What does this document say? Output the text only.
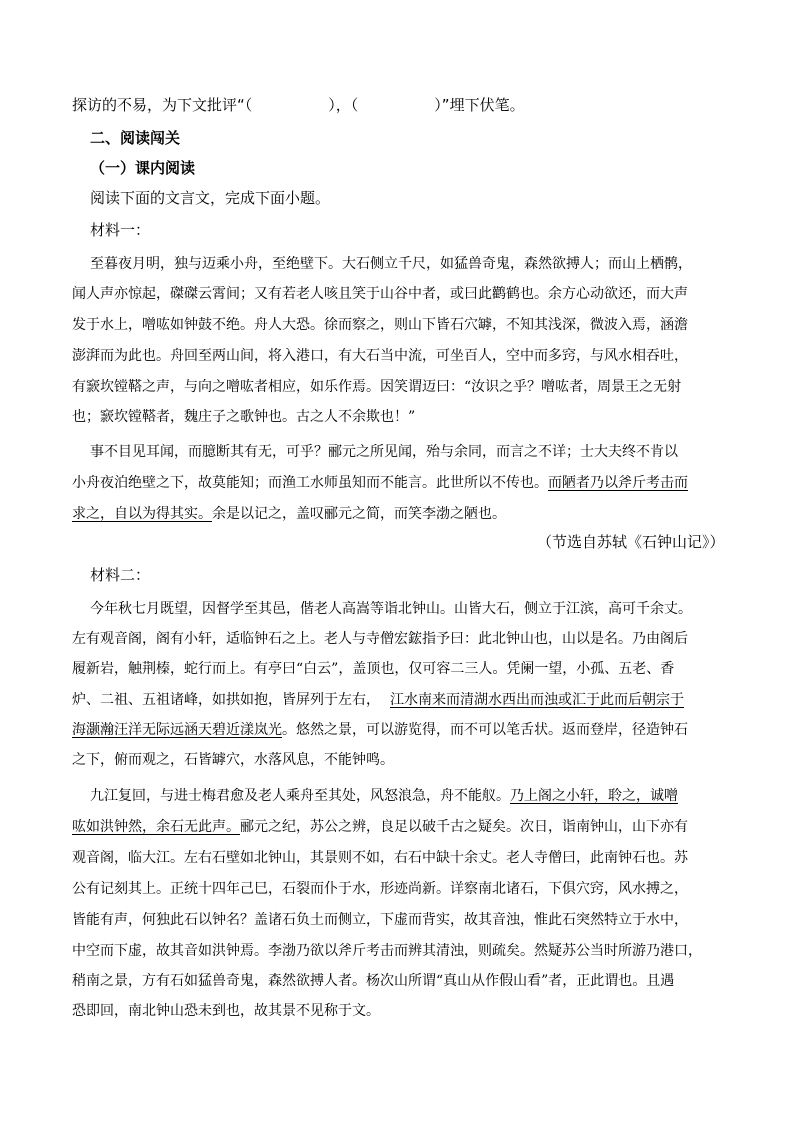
探访的不易，为下文批评“（	），（	）”埋下伏笔。
二、阅读闯关
（一）课内阅读
阅读下面的文言文，完成下面小题。
材料一：
至暮夜月明，独与迈乘小舟，至绝壁下。大石侧立千尺，如猛兽奇鬼，森然欲搏人；而山上栖鹘，
闻人声亦惊起，磔磔云霄间；又有若老人咳且笑于山谷中者，或曰此鹳鹤也。余方心动欲还，而大声
发于水上，噌吰如钟鼓不绝。舟人大恐。徐而察之，则山下皆石穴罅，不知其浅深，微波入焉，涵澹
澎湃而为此也。舟回至两山间，将入港口，有大石当中流，可坐百人，空中而多窍，与风水相吞吐，
有窾坎镗鞳之声，与向之噌吰者相应，如乐作焉。因笑谓迈曰：“汝识之乎？噌吰者，周景王之无射
也；窾坎镗鞳者，魏庄子之歌钟也。古之人不余欺也！”
事不目见耳闻，而臆断其有无，可乎？郦元之所见闻，殆与余同，而言之不详；士大夫终不肯以
小舟夜泊绝壁之下，故莫能知；而渔工水师虽知而不能言。此世所以不传也。而陋者乃以斧斤考击而
求之，自以为得其实。余是以记之，盖叹郦元之简，而笑李渤之陋也。
（节选自苏轼《石钟山记》）
材料二：
今年秋七月既望，因督学至其邑，偕老人高嵩等诣北钟山。山皆大石，侧立于江滨，高可千余丈。
左有观音阁，阁有小轩，适临钟石之上。老人与寺僧宏鋐指予曰：此北钟山也，山以是名。乃由阁后
履新岩，触荆榛，蛇行而上。有亭曰“白云”，盖顶也，仅可容二三人。凭阑一望，小孤、五老、香
炉、二祖、五祖诸峰，如拱如抱，皆屏列于左右， 江水南来而清湖水西出而浊或汇于此而后朝宗于
海灏瀚汪洋无际远涵天碧近漾岚光。悠然之景，可以游览得，而不可以笔舌状。返而登岸，径造钟石
之下，俯而观之，石皆罅穴，水落风息，不能钟鸣。
九江复回，与进士梅君愈及老人乘舟至其处，风怒浪急，舟不能舣。乃上阁之小轩，聆之，诚噌
吰如洪钟然，余石无此声。郦元之纪，苏公之辨，良足以破千古之疑矣。次日，诣南钟山，山下亦有
观音阁，临大江。左右石壁如北钟山，其景则不如，右石中缺十余丈。老人寺僧曰，此南钟石也。苏
公有记刻其上。正统十四年己巳，石裂而仆于水，形迹尚新。详察南北诸石，下俱穴窍，风水搏之，
皆能有声，何独此石以钟名？盖诸石负土而侧立，下虚而背实，故其音浊，惟此石突然特立于水中，
中空而下虚，故其音如洪钟焉。李渤乃欲以斧斤考击而辨其清浊，则疏矣。然疑苏公当时所游乃港口，
稍南之景，方有石如猛兽奇鬼，森然欲搏人者。杨次山所谓“真山从作假山看”者，正此谓也。且遇
恐即回，南北钟山恐未到也，故其景不见称于文。
